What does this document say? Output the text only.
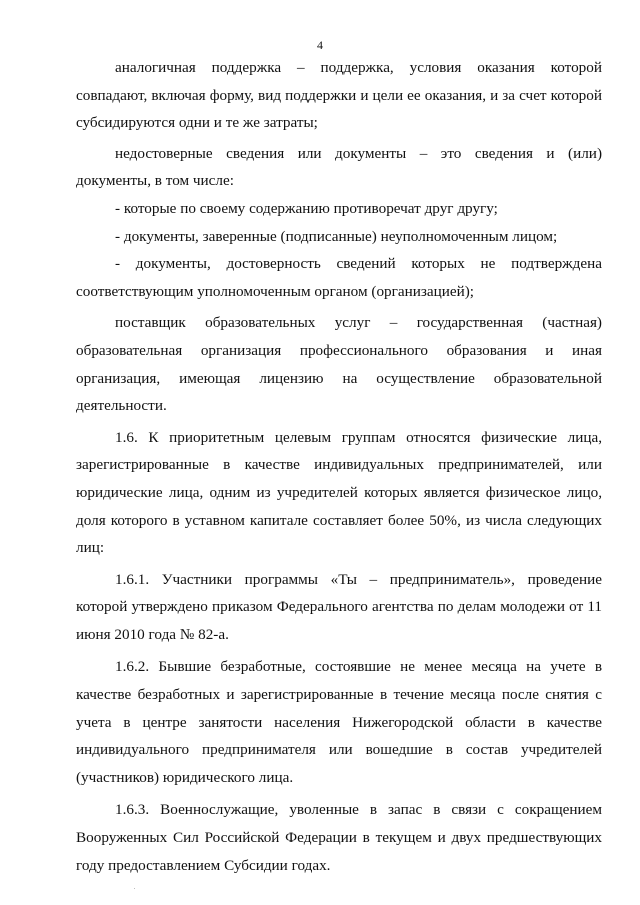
4

аналогичная поддержка – поддержка, условия оказания которой совпадают, включая форму, вид поддержки и цели ее оказания, и за счет которой субсидируются одни и те же затраты;

недостоверные сведения или документы – это сведения и (или) документы, в том числе:

- которые по своему содержанию противоречат друг другу;

- документы, заверенные (подписанные) неуполномоченным лицом;

- документы, достоверность сведений которых не подтверждена соответствующим уполномоченным органом (организацией);

поставщик образовательных услуг – государственная (частная) образовательная организация профессионального образования и иная организация, имеющая лицензию на осуществление образовательной деятельности.

1.6. К приоритетным целевым группам относятся физические лица, зарегистрированные в качестве индивидуальных предпринимателей, или юридические лица, одним из учредителей которых является физическое лицо, доля которого в уставном капитале составляет более 50%, из числа следующих лиц:

1.6.1. Участники программы «Ты – предприниматель», проведение которой утверждено приказом Федерального агентства по делам молодежи от 11 июня 2010 года № 82-а.

1.6.2. Бывшие безработные, состоявшие не менее месяца на учете в качестве безработных и зарегистрированные в течение месяца после снятия с учета в центре занятости населения Нижегородской области в качестве индивидуального предпринимателя или вошедшие в состав учредителей (участников) юридического лица.

1.6.3. Военнослужащие, уволенные в запас в связи с сокращением Вооруженных Сил Российской Федерации в текущем и двух предшествующих году предоставлением Субсидии годах.
